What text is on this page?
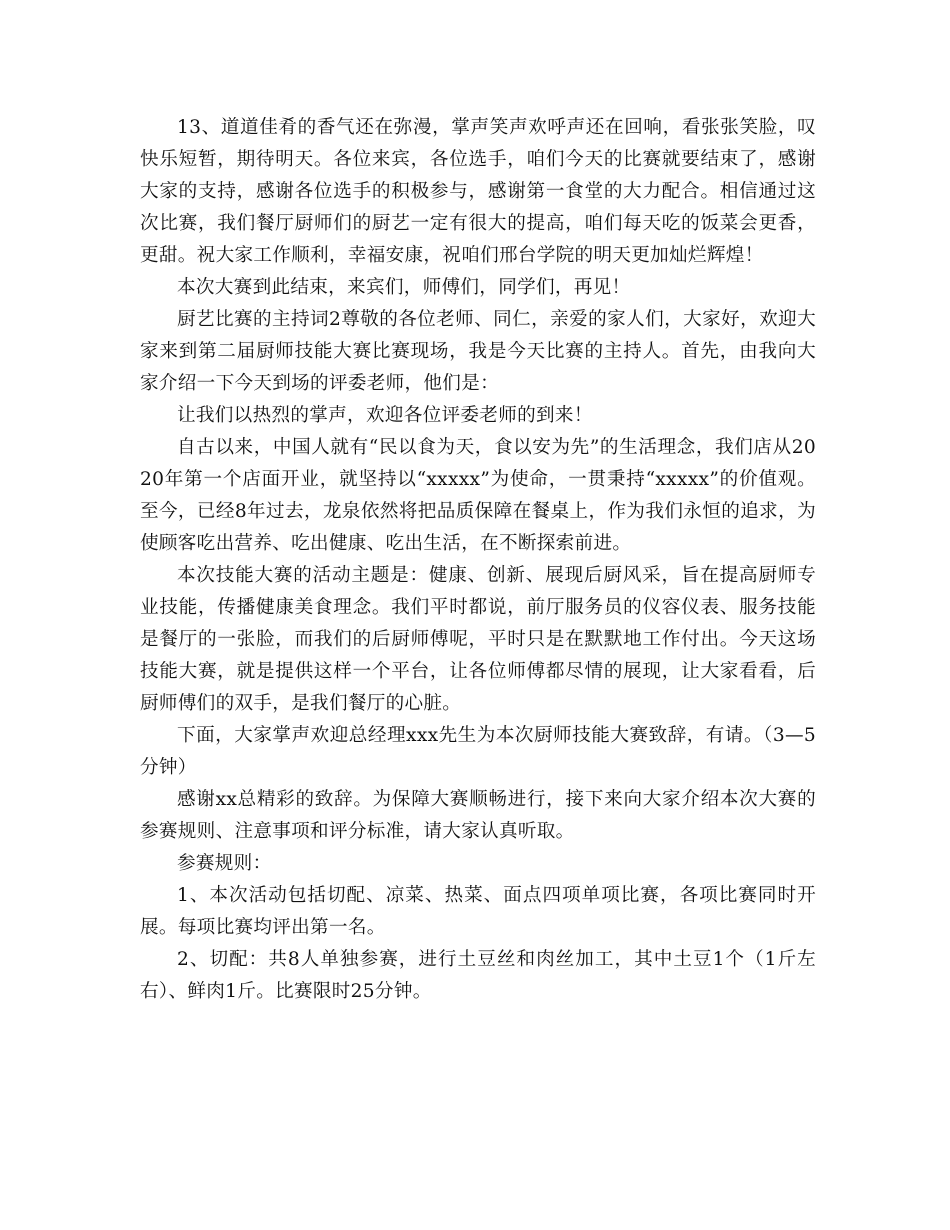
13、道道佳肴的香气还在弥漫，掌声笑声欢呼声还在回响，看张张笑脸，叹快乐短暂，期待明天。各位来宾，各位选手，咱们今天的比赛就要结束了，感谢大家的支持，感谢各位选手的积极参与，感谢第一食堂的大力配合。相信通过这次比赛，我们餐厅厨师们的厨艺一定有很大的提高，咱们每天吃的饭菜会更香，更甜。祝大家工作顺利，幸福安康，祝咱们邢台学院的明天更加灿烂辉煌！

本次大赛到此结束，来宾们，师傅们，同学们，再见！

厨艺比赛的主持词2尊敬的各位老师、同仁，亲爱的家人们，大家好，欢迎大家来到第二届厨师技能大赛比赛现场，我是今天比赛的主持人。首先，由我向大家介绍一下今天到场的评委老师，他们是：

让我们以热烈的掌声，欢迎各位评委老师的到来！

自古以来，中国人就有“民以食为天，食以安为先”的生活理念，我们店从2020年第一个店面开业，就坚持以“xxxxx”为使命，一贯秉持“xxxxx”的价值观。至今，已经8年过去，龙泉依然将把品质保障在餐桌上，作为我们永恒的追求，为使顾客吃出营养、吃出健康、吃出生活，在不断探索前进。

本次技能大赛的活动主题是：健康、创新、展现后厨风采，旨在提高厨师专业技能，传播健康美食理念。我们平时都说，前厅服务员的仪容仪表、服务技能是餐厅的一张脸，而我们的后厨师傅呢，平时只是在默默地工作付出。今天这场技能大赛，就是提供这样一个平台，让各位师傅都尽情的展现，让大家看看，后厨师傅们的双手，是我们餐厅的心脏。

下面，大家掌声欢迎总经理xxx先生为本次厨师技能大赛致辞，有请。（3—5分钟）

感谢xx总精彩的致辞。为保障大赛顺畅进行，接下来向大家介绍本次大赛的参赛规则、注意事项和评分标准，请大家认真听取。

参赛规则：

1、本次活动包括切配、凉菜、热菜、面点四项单项比赛，各项比赛同时开展。每项比赛均评出第一名。

2、切配：共8人单独参赛，进行土豆丝和肉丝加工，其中土豆1个（1斤左右）、鲜肉1斤。比赛限时25分钟。
